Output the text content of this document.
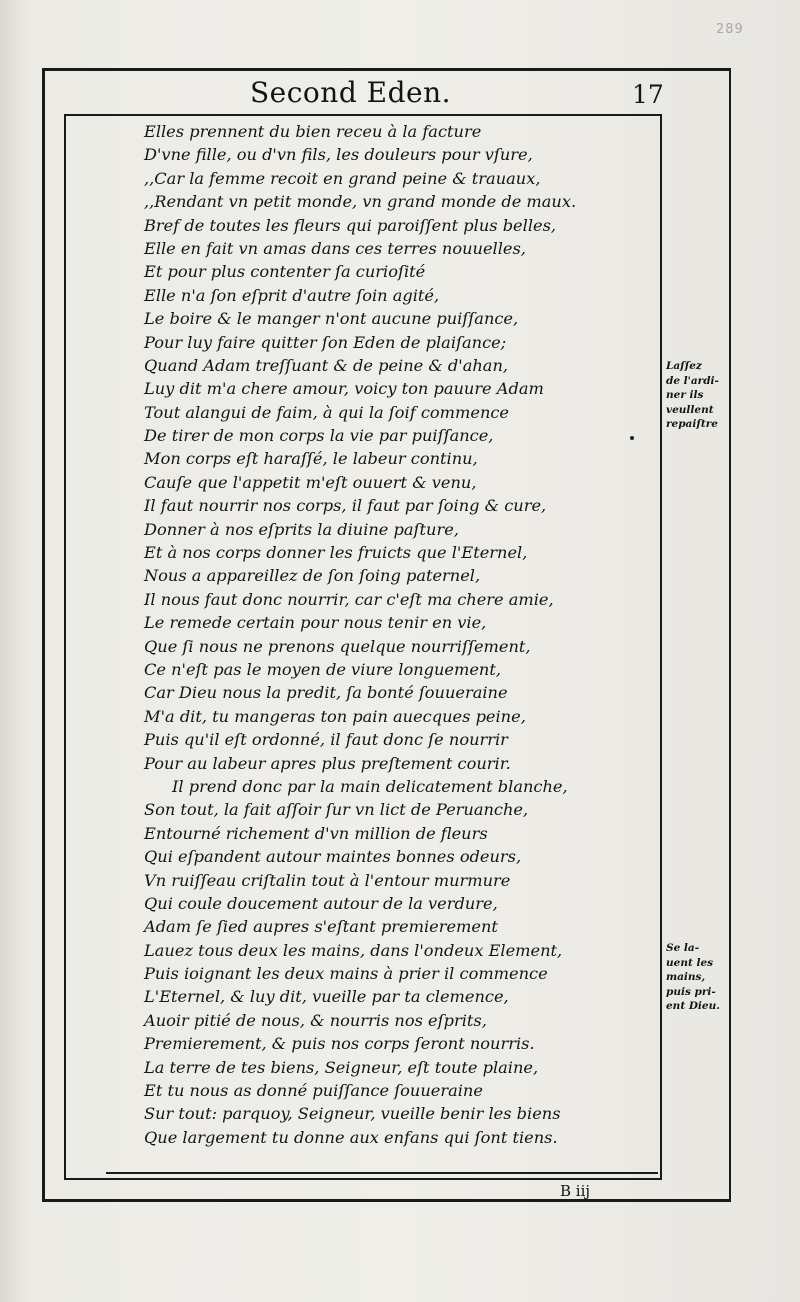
289
Second Eden.	17
Elles prennent du bien receu à la facture
D'vne fille, ou d'vn fils, les douleurs pour vſure,
,,Car la femme recoit en grand peine & trauaux,
,,Rendant vn petit monde, vn grand monde de maux.
Bref de toutes les fleurs qui paroiſſent plus belles,
Elle en fait vn amas dans ces terres nouuelles,
Et pour plus contenter ſa curioſité
Elle n'a ſon eſprit d'autre ſoin agité,
Le boire & le manger n'ont aucune puiſſance,
Pour luy faire quitter ſon Eden de plaiſance;
Quand Adam treſſuant & de peine & d'ahan,
Luy dit m'a chere amour, voicy ton pauure Adam
Tout alangui de faim, à qui la ſoif commence
De tirer de mon corps la vie par puiſſance,
Mon corps eſt haraſſé, le labeur continu,
Cauſe que l'appetit m'eſt ouuert & venu,
Il faut nourrir nos corps, il faut par ſoing & cure,
Donner à nos eſprits la diuine paſture,
Et à nos corps donner les fruicts que l'Eternel,
Nous a appareillez de ſon ſoing paternel,
Il nous faut donc nourrir, car c'eſt ma chere amie,
Le remede certain pour nous tenir en vie,
Que ſi nous ne prenons quelque nourriſſement,
Ce n'eſt pas le moyen de viure longuement,
Car Dieu nous la predit, ſa bonté ſouueraine
M'a dit, tu mangeras ton pain auecques peine,
Puis qu'il eſt ordonné, il faut donc ſe nourrir
Pour au labeur apres plus preſtement courir.
Il prend donc par la main delicatement blanche,
Son tout, la fait aſſoir ſur vn lict de Peruanche,
Entourné richement d'vn million de fleurs
Qui eſpandent autour maintes bonnes odeurs,
Vn ruiſſeau criſtalin tout à l'entour murmure
Qui coule doucement autour de la verdure,
Adam ſe ſied aupres s'eſtant premierement
Lauez tous deux les mains, dans l'ondeux Element,
Puis ioignant les deux mains à prier il commence
L'Eternel, & luy dit, vueille par ta clemence,
Auoir pitié de nous, & nourris nos eſprits,
Premierement, & puis nos corps ſeront nourris.
La terre de tes biens, Seigneur, eſt toute plaine,
Et tu nous as donné puiſſance ſouueraine
Sur tout: parquoy, Seigneur, vueille benir les biens
Que largement tu donne aux enfans qui ſont tiens.
Laſſez
de l'ardi-
ner ils
veullent
repaiſtre
Se la-
uent les
mains,
puis pri-
ent Dieu.
B iij
